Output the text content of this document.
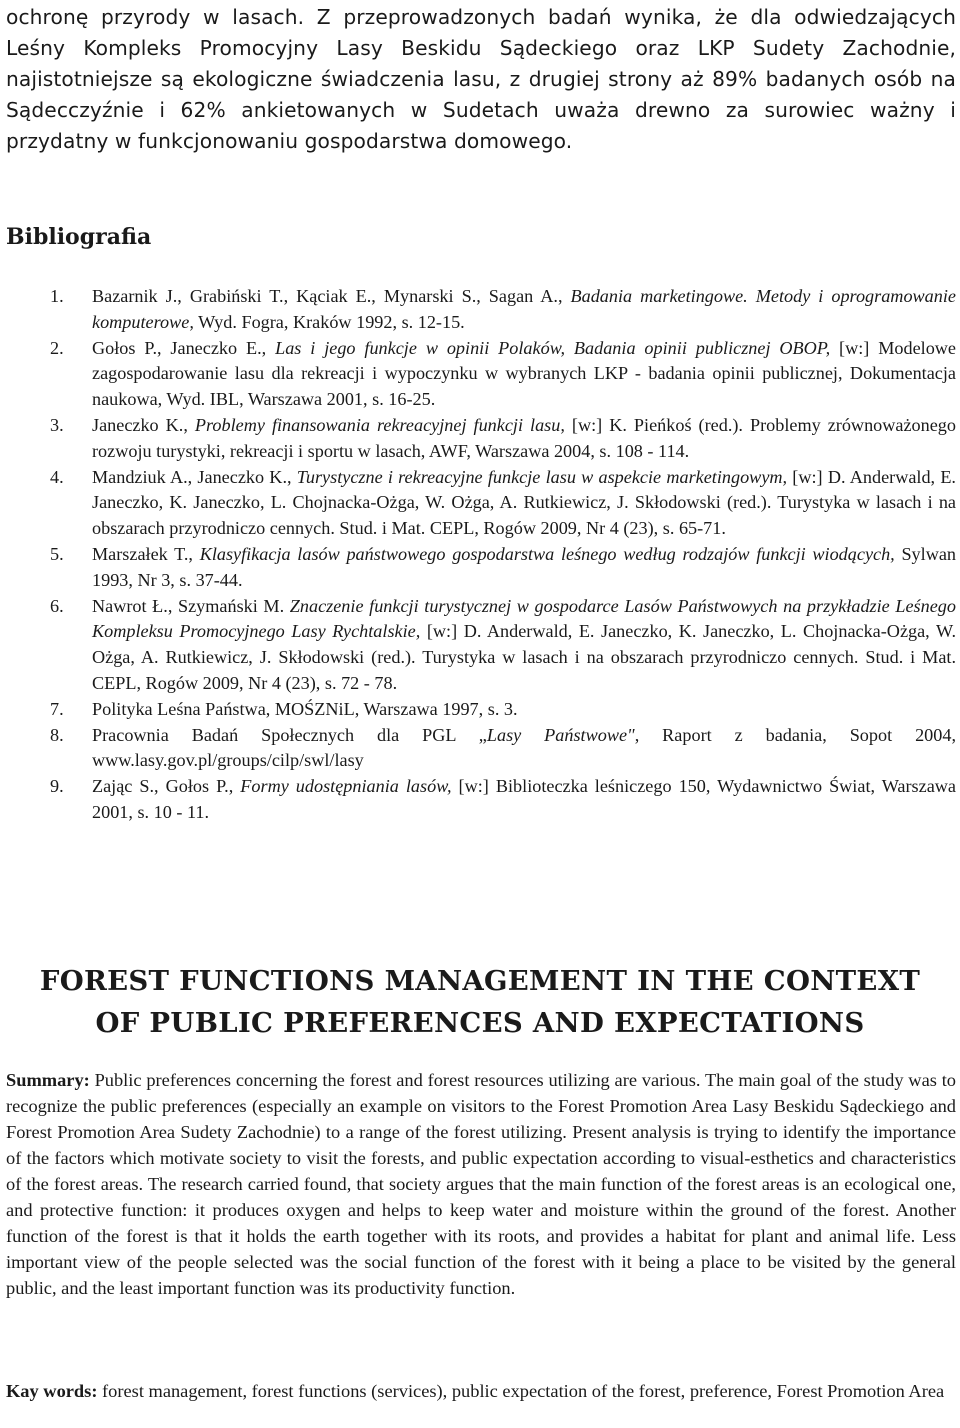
ochronę przyrody w lasach. Z przeprowadzonych badań wynika, że dla odwiedzających Leśny Kompleks Promocyjny Lasy Beskidu Sądeckiego oraz LKP Sudety Zachodnie, najistotniejsze są ekologiczne świadczenia lasu, z drugiej strony aż 89% badanych osób na Sądecczyźnie i 62% ankietowanych w Sudetach uważa drewno za surowiec ważny i przydatny w funkcjonowaniu gospodarstwa domowego.

Bibliografia
1. Bazarnik J., Grabiński T., Kąciak E., Mynarski S., Sagan A., Badania marketingowe. Metody i oprogramowanie komputerowe, Wyd. Fogra, Kraków 1992, s. 12-15.
2. Gołos P., Janeczko E., Las i jego funkcje w opinii Polaków, Badania opinii publicznej OBOP, [w:] Modelowe zagospodarowanie lasu dla rekreacji i wypoczynku w wybranych LKP - badania opinii publicznej, Dokumentacja naukowa, Wyd. IBL, Warszawa 2001, s. 16-25.
3. Janeczko K., Problemy finansowania rekreacyjnej funkcji lasu, [w:] K. Pieńkoś (red.). Problemy zrównoważonego rozwoju turystyki, rekreacji i sportu w lasach, AWF, Warszawa 2004, s. 108 - 114.
4. Mandziuk A., Janeczko K., Turystyczne i rekreacyjne funkcje lasu w aspekcie marketingowym, [w:] D. Anderwald, E. Janeczko, K. Janeczko, L. Chojnacka-Ożga, W. Ożga, A. Rutkiewicz, J. Skłodowski (red.). Turystyka w lasach i na obszarach przyrodniczo cennych. Stud. i Mat. CEPL, Rogów 2009, Nr 4 (23), s. 65-71.
5. Marszałek T., Klasyfikacja lasów państwowego gospodarstwa leśnego według rodzajów funkcji wiodących, Sylwan 1993, Nr 3, s. 37-44.
6. Nawrot Ł., Szymański M. Znaczenie funkcji turystycznej w gospodarce Lasów Państwowych na przykładzie Leśnego Kompleksu Promocyjnego Lasy Rychtalskie, [w:] D. Anderwald, E. Janeczko, K. Janeczko, L. Chojnacka-Ożga, W. Ożga, A. Rutkiewicz, J. Skłodowski (red.). Turystyka w lasach i na obszarach przyrodniczo cennych. Stud. i Mat. CEPL, Rogów 2009, Nr 4 (23), s. 72 - 78.
7. Polityka Leśna Państwa, MOŚZNiL, Warszawa 1997, s. 3.
8. Pracownia Badań Społecznych dla PGL „Lasy Państwowe", Raport z badania, Sopot 2004, www.lasy.gov.pl/groups/cilp/swl/lasy
9. Zając S., Gołos P., Formy udostępniania lasów, [w:] Biblioteczka leśniczego 150, Wydawnictwo Świat, Warszawa 2001, s. 10 - 11.
FOREST FUNCTIONS MANAGEMENT IN THE CONTEXT
OF PUBLIC PREFERENCES AND EXPECTATIONS

Summary: Public preferences concerning the forest and forest resources utilizing are various. The main goal of the study was to recognize the public preferences (especially an example on visitors to the Forest Promotion Area Lasy Beskidu Sądeckiego and Forest Promotion Area Sudety Zachodnie) to a range of the forest utilizing. Present analysis is trying to identify the importance of the factors which motivate society to visit the forests, and public expectation according to visual-esthetics and characteristics of the forest areas. The research carried found, that society argues that the main function of the forest areas is an ecological one, and protective function: it produces oxygen and helps to keep water and moisture within the ground of the forest. Another function of the forest is that it holds the earth together with its roots, and provides a habitat for plant and animal life. Less important view of the people selected was the social function of the forest with it being a place to be visited by the general public, and the least important function was its productivity function.

Kay words: forest management, forest functions (services), public expectation of the forest, preference, Forest Promotion Area
